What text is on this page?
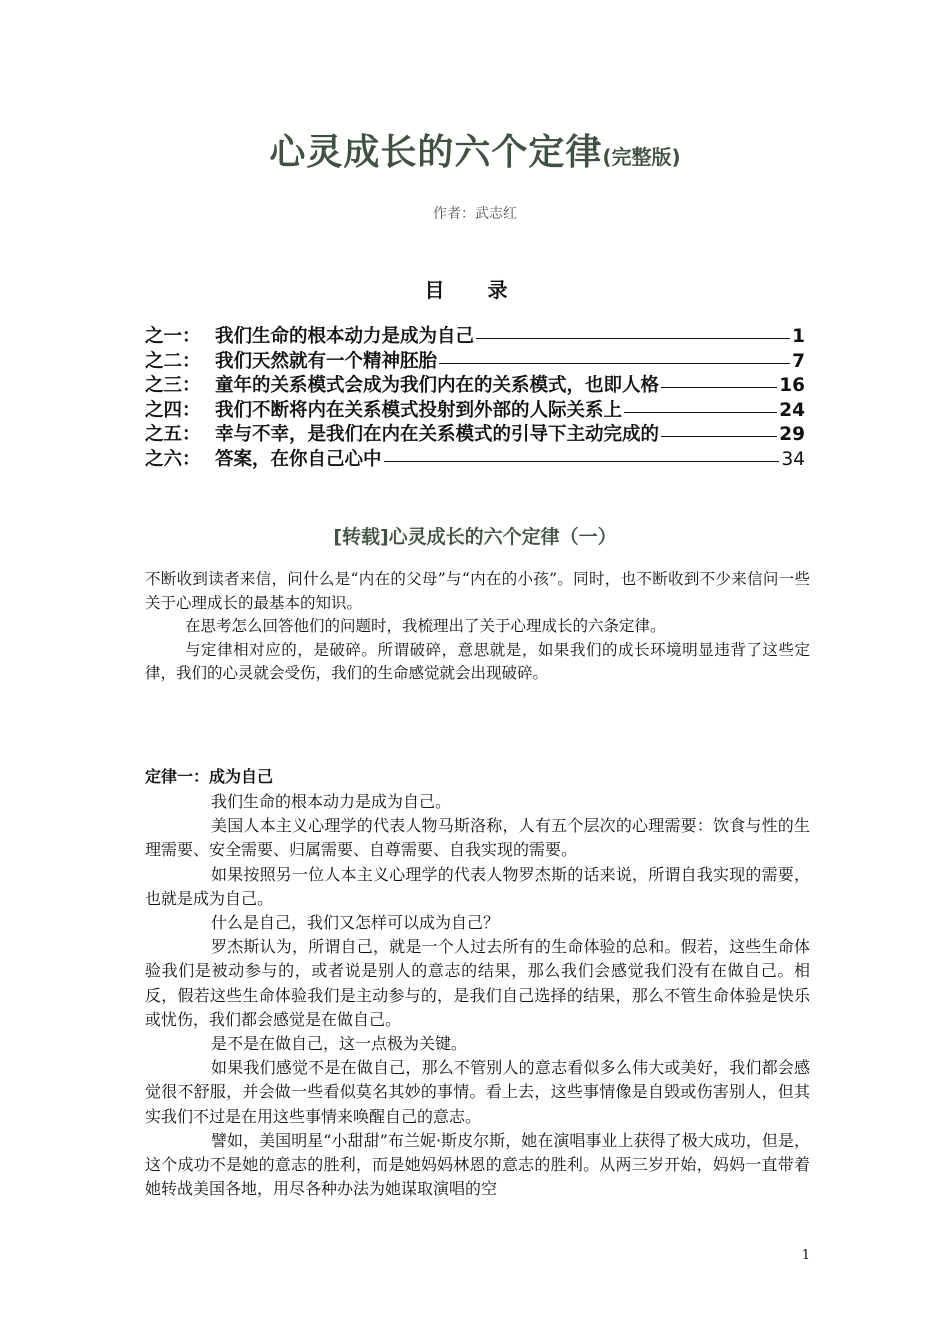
心灵成长的六个定律(完整版)
作者：武志红
目 录
之一： 我们生命的根本动力是成为自己	1
之二： 我们天然就有一个精神胚胎	7
之三： 童年的关系模式会成为我们内在的关系模式，也即人格	16
之四： 我们不断将内在关系模式投射到外部的人际关系上	24
之五： 幸与不幸，是我们在内在关系模式的引导下主动完成的	29
之六： 答案，在你自己心中	34
[转载]心灵成长的六个定律（一）

不断收到读者来信，问什么是“内在的父母”与“内在的小孩”。同时，也不断收到不少来信问一些关于心理成长的最基本的知识。

在思考怎么回答他们的问题时，我梳理出了关于心理成长的六条定律。

与定律相对应的，是破碎。所谓破碎，意思就是，如果我们的成长环境明显违背了这些定律，我们的心灵就会受伤，我们的生命感觉就会出现破碎。

定律一：成为自己

我们生命的根本动力是成为自己。

美国人本主义心理学的代表人物马斯洛称，人有五个层次的心理需要：饮食与性的生理需要、安全需要、归属需要、自尊需要、自我实现的需要。

如果按照另一位人本主义心理学的代表人物罗杰斯的话来说，所谓自我实现的需要，也就是成为自己。

什么是自己，我们又怎样可以成为自己？

罗杰斯认为，所谓自己，就是一个人过去所有的生命体验的总和。假若，这些生命体验我们是被动参与的，或者说是别人的意志的结果，那么我们会感觉我们没有在做自己。相反，假若这些生命体验我们是主动参与的，是我们自己选择的结果，那么不管生命体验是快乐或忧伤，我们都会感觉是在做自己。

是不是在做自己，这一点极为关键。

如果我们感觉不是在做自己，那么不管别人的意志看似多么伟大或美好，我们都会感觉很不舒服，并会做一些看似莫名其妙的事情。看上去，这些事情像是自毁或伤害别人，但其实我们不过是在用这些事情来唤醒自己的意志。

譬如，美国明星“小甜甜”布兰妮·斯皮尔斯，她在演唱事业上获得了极大成功，但是，这个成功不是她的意志的胜利，而是她妈妈林恩的意志的胜利。从两三岁开始，妈妈一直带着她转战美国各地，用尽各种办法为她谋取演唱的空

1
